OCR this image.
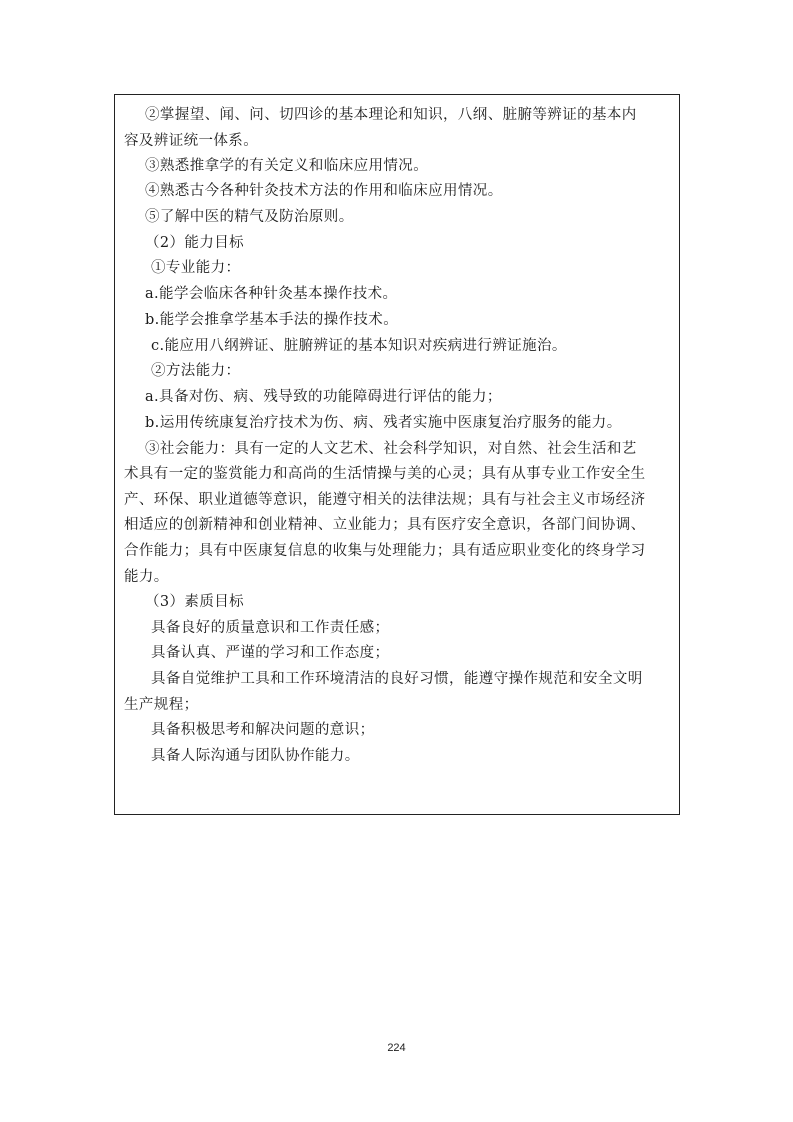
②掌握望、闻、问、切四诊的基本理论和知识，八纲、脏腑等辨证的基本内
容及辨证统一体系。
③熟悉推拿学的有关定义和临床应用情况。
④熟悉古今各种针灸技术方法的作用和临床应用情况。
⑤了解中医的精气及防治原则。
（2）能力目标
①专业能力：
a.能学会临床各种针灸基本操作技术。
b.能学会推拿学基本手法的操作技术。
c.能应用八纲辨证、脏腑辨证的基本知识对疾病进行辨证施治。
②方法能力：
a.具备对伤、病、残导致的功能障碍进行评估的能力；
b.运用传统康复治疗技术为伤、病、残者实施中医康复治疗服务的能力。
③社会能力：具有一定的人文艺术、社会科学知识，对自然、社会生活和艺
术具有一定的鉴赏能力和高尚的生活情操与美的心灵；具有从事专业工作安全生
产、环保、职业道德等意识，能遵守相关的法律法规；具有与社会主义市场经济
相适应的创新精神和创业精神、立业能力；具有医疗安全意识，各部门间协调、
合作能力；具有中医康复信息的收集与处理能力；具有适应职业变化的终身学习
能力。
（3）素质目标
具备良好的质量意识和工作责任感；
具备认真、严谨的学习和工作态度；
具备自觉维护工具和工作环境清洁的良好习惯，能遵守操作规范和安全文明
生产规程；
具备积极思考和解决问题的意识；
具备人际沟通与团队协作能力。
224
